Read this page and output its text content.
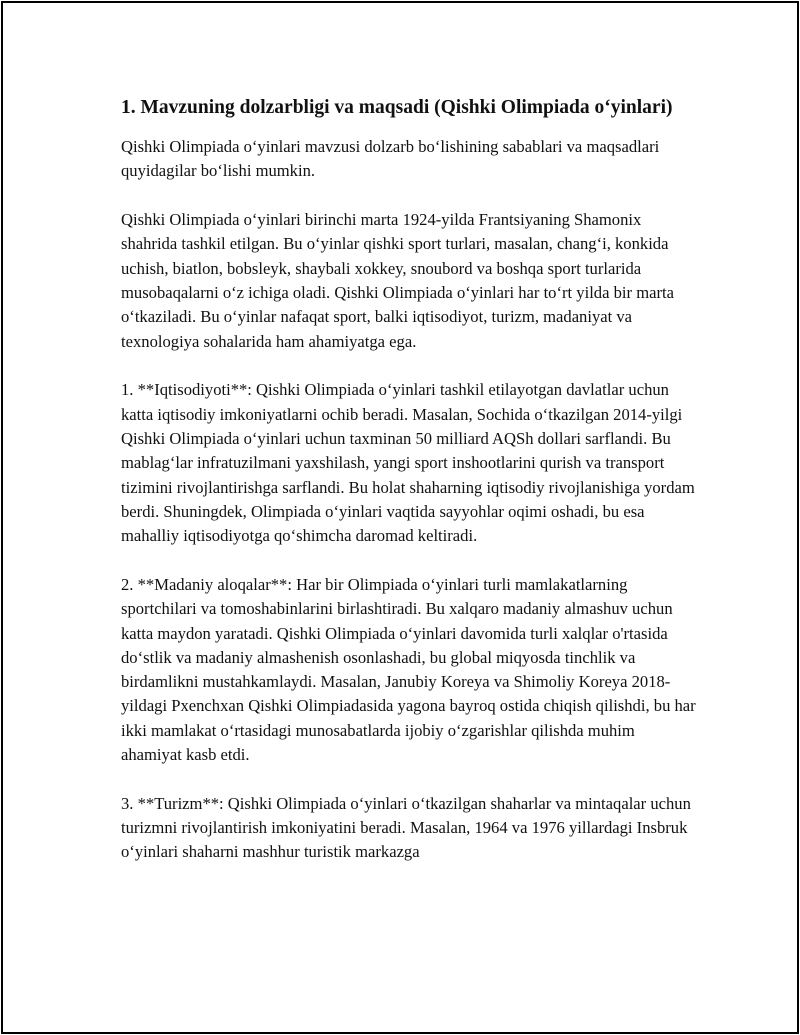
1. Mavzuning dolzarbligi va maqsadi (Qishki Olimpiada o‘yinlari)

Qishki Olimpiada o‘yinlari mavzusi dolzarb bo‘lishining sabablari va maqsadlari quyidagilar bo‘lishi mumkin.

Qishki Olimpiada o‘yinlari birinchi marta 1924-yilda Frantsiyaning Shamonix shahrida tashkil etilgan. Bu o‘yinlar qishki sport turlari, masalan, chang‘i, konkida uchish, biatlon, bobsleyk, shaybali xokkey, snoubord va boshqa sport turlarida musobaqalarni o‘z ichiga oladi. Qishki Olimpiada o‘yinlari har to‘rt yilda bir marta o‘tkaziladi. Bu o‘yinlar nafaqat sport, balki iqtisodiyot, turizm, madaniyat va texnologiya sohalarida ham ahamiyatga ega.

1. **Iqtisodiyoti**: Qishki Olimpiada o‘yinlari tashkil etilayotgan davlatlar uchun katta iqtisodiy imkoniyatlarni ochib beradi. Masalan, Sochida o‘tkazilgan 2014-yilgi Qishki Olimpiada o‘yinlari uchun taxminan 50 milliard AQSh dollari sarflandi. Bu mablag‘lar infratuzilmani yaxshilash, yangi sport inshootlarini qurish va transport tizimini rivojlantirishga sarflandi. Bu holat shaharning iqtisodiy rivojlanishiga yordam berdi. Shuningdek, Olimpiada o‘yinlari vaqtida sayyohlar oqimi oshadi, bu esa mahalliy iqtisodiyotga qo‘shimcha daromad keltiradi.

2. **Madaniy aloqalar**: Har bir Olimpiada o‘yinlari turli mamlakatlarning sportchilari va tomoshabinlarini birlashtiradi. Bu xalqaro madaniy almashuv uchun katta maydon yaratadi. Qishki Olimpiada o‘yinlari davomida turli xalqlar o'rtasida do‘stlik va madaniy almashenish osonlashadi, bu global miqyosda tinchlik va birdamlikni mustahkamlaydi. Masalan, Janubiy Koreya va Shimoliy Koreya 2018-yildagi Pxenchxan Qishki Olimpiadasida yagona bayroq ostida chiqish qilishdi, bu har ikki mamlakat o‘rtasidagi munosabatlarda ijobiy o‘zgarishlar qilishda muhim ahamiyat kasb etdi.

3. **Turizm**: Qishki Olimpiada o‘yinlari o‘tkazilgan shaharlar va mintaqalar uchun turizmni rivojlantirish imkoniyatini beradi. Masalan, 1964 va 1976 yillardagi Insbruk o‘yinlari shaharni mashhur turistik markazga
